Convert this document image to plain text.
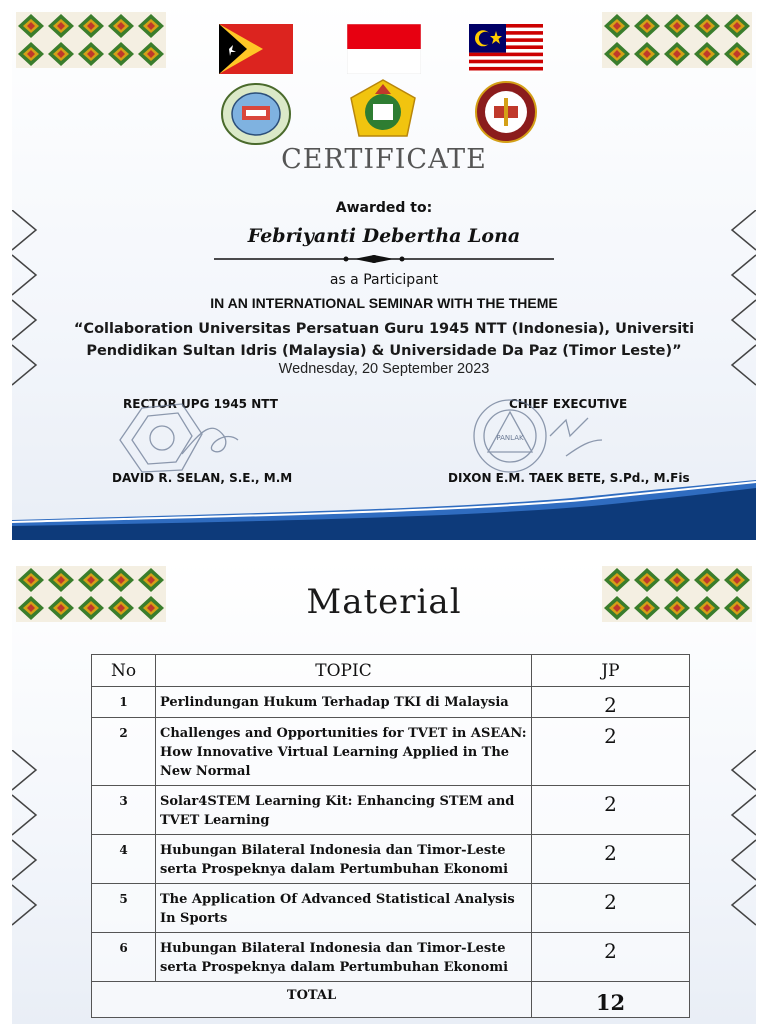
CERTIFICATE
Awarded to:
Febriyanti Debertha Lona
as a Participant
IN AN INTERNATIONAL SEMINAR WITH THE THEME
“Collaboration Universitas Persatuan Guru 1945 NTT (Indonesia), Universiti
Pendidikan Sultan Idris (Malaysia) & Universidade Da Paz (Timor Leste)”
Wednesday, 20 September 2023
RECTOR UPG 1945 NTT
DAVID R. SELAN, S.E., M.M
CHIEF EXECUTIVE
PANLAK
DIXON E.M. TAEK BETE, S.Pd., M.Fis
Material
No	TOPIC	JP
1	Perlindungan Hukum Terhadap TKI di Malaysia	2
2	Challenges and Opportunities for TVET in ASEAN: How Innovative Virtual Learning Applied in The New Normal	2
3	Solar4STEM Learning Kit: Enhancing STEM and TVET Learning	2
4	Hubungan Bilateral Indonesia dan Timor-Leste serta Prospeknya dalam Pertumbuhan Ekonomi	2
5	The Application Of Advanced Statistical Analysis In Sports	2
6	Hubungan Bilateral Indonesia dan Timor-Leste serta Prospeknya dalam Pertumbuhan Ekonomi	2
TOTAL		12
